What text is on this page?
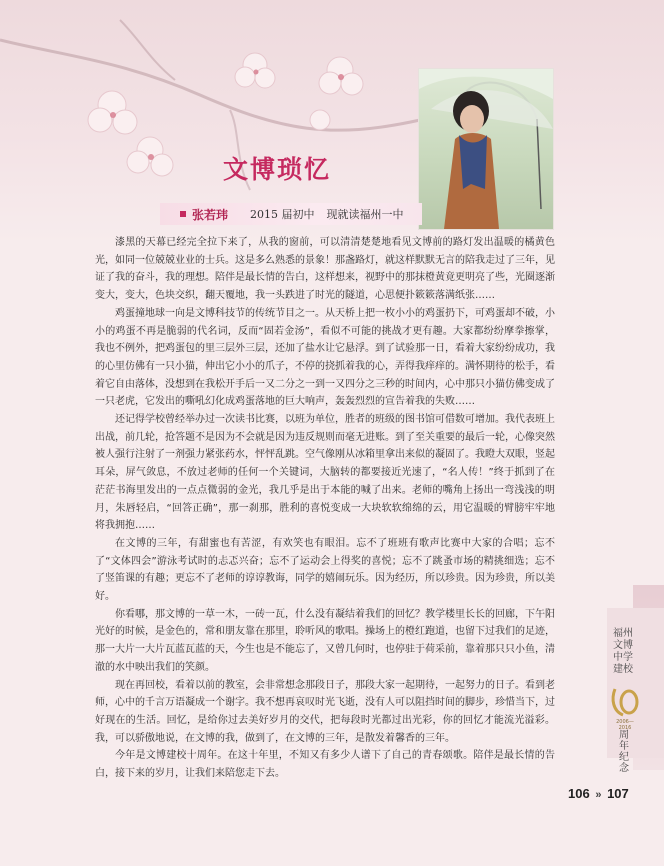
文博琐忆
张若玮 2015 届初中 现就读福州一中

漆黑的天幕已经完全拉下来了，从我的窗前，可以清清楚楚地看见文博前的路灯发出温暖的橘黄色光，如同一位兢兢业业的士兵。这是多么熟悉的景象！那盏路灯，就这样默默无言的陪我走过了三年，见证了我的奋斗，我的理想。陪伴是最长情的告白，这样想来，视野中的那抹橙黄竟更明亮了些，光圈逐渐变大，变大，色块交织，翻天覆地，我一头跌进了时光的隧道，心思便扑簌簌落满纸张……

鸡蛋撞地球一向是文博科技节的传统节目之一。从天桥上把一枚小小的鸡蛋扔下，可鸡蛋却不破，小小的鸡蛋不再是脆弱的代名词，反而“固若金汤”，看似不可能的挑战才更有趣。大家都纷纷摩拳擦掌，我也不例外，把鸡蛋包的里三层外三层，还加了盐水让它悬浮。到了试验那一日，看着大家纷纷成功，我的心里仿佛有一只小猫，伸出它小小的爪子，不停的挠抓着我的心，弄得我痒痒的。满怀期待的松手，看着它自由落体，没想到在我松开手后一又二分之一到一又四分之三秒的时间内，心中那只小猫仿佛变成了一只老虎，它发出的嘶吼幻化成鸡蛋落地的巨大响声，轰轰烈烈的宣告着我的失败……

还记得学校曾经举办过一次读书比赛，以班为单位，胜者的班级的图书馆可借数可增加。我代表班上出战，前几轮，抢答题不是因为不会就是因为违反规则而毫无进账。到了至关重要的最后一轮，心像突然被人强行注射了一剂强力紧张药水，怦怦乱跳。空气像刚从冰箱里拿出来似的凝固了。我瞪大双眼，竖起耳朵，屏气敛息，不放过老师的任何一个关键词，大脑转的都要接近光速了，“名人传！”终于抓到了在茫茫书海里发出的一点点微弱的金光，我几乎是出于本能的喊了出来。老师的嘴角上扬出一弯浅浅的明月，朱唇轻启，“回答正确”，那一刹那，胜利的喜悦变成一大块软软绵绵的云，用它温暖的臂膀牢牢地将我拥抱……

在文博的三年，有甜蜜也有苦涩，有欢笑也有眼泪。忘不了班班有歌声比赛中大家的合唱；忘不了“文体四会”游泳考试时的忐忑兴奋；忘不了运动会上得奖的喜悦；忘不了跳蚤市场的精挑细选；忘不了竖笛课的有趣；更忘不了老师的谆谆教诲，同学的嬉闹玩乐。因为经历，所以珍贵。因为珍贵，所以美好。

你看哪，那文博的一草一木，一砖一瓦，什么没有凝结着我们的回忆？教学楼里长长的回廊，下午阳光好的时候，是金色的，常和朋友靠在那里，聆听风的歌唱。操场上的橙红跑道，也留下过我们的足迹，那一大片一大片瓦蓝瓦蓝的天，今生也是不能忘了，又曾几何时，也停驻于荷采前，靠着那只只小鱼，清澈的水中映出我们的笑颜。

现在再回校，看着以前的教室，会非常想念那段日子，那段大家一起期待，一起努力的日子。看到老师，心中的千言万语凝成一个谢字。我不想再哀叹时光飞逝，没有人可以阻挡时间的脚步，珍惜当下，过好现在的生活。回忆，是给你过去美好岁月的交代，把每段时光都过出光彩，你的回忆才能流光溢彩。我，可以骄傲地说，在文博的我，做到了，在文博的三年，是散发着馨香的三年。

今年是文博建校十周年。在这十年里，不知又有多少人谱下了自己的青春颂歌。陪伴是最长情的告白，接下来的岁月，让我们来陪您走下去。

福州文博中学建校
2006—2016
周年纪念
106 » 107
